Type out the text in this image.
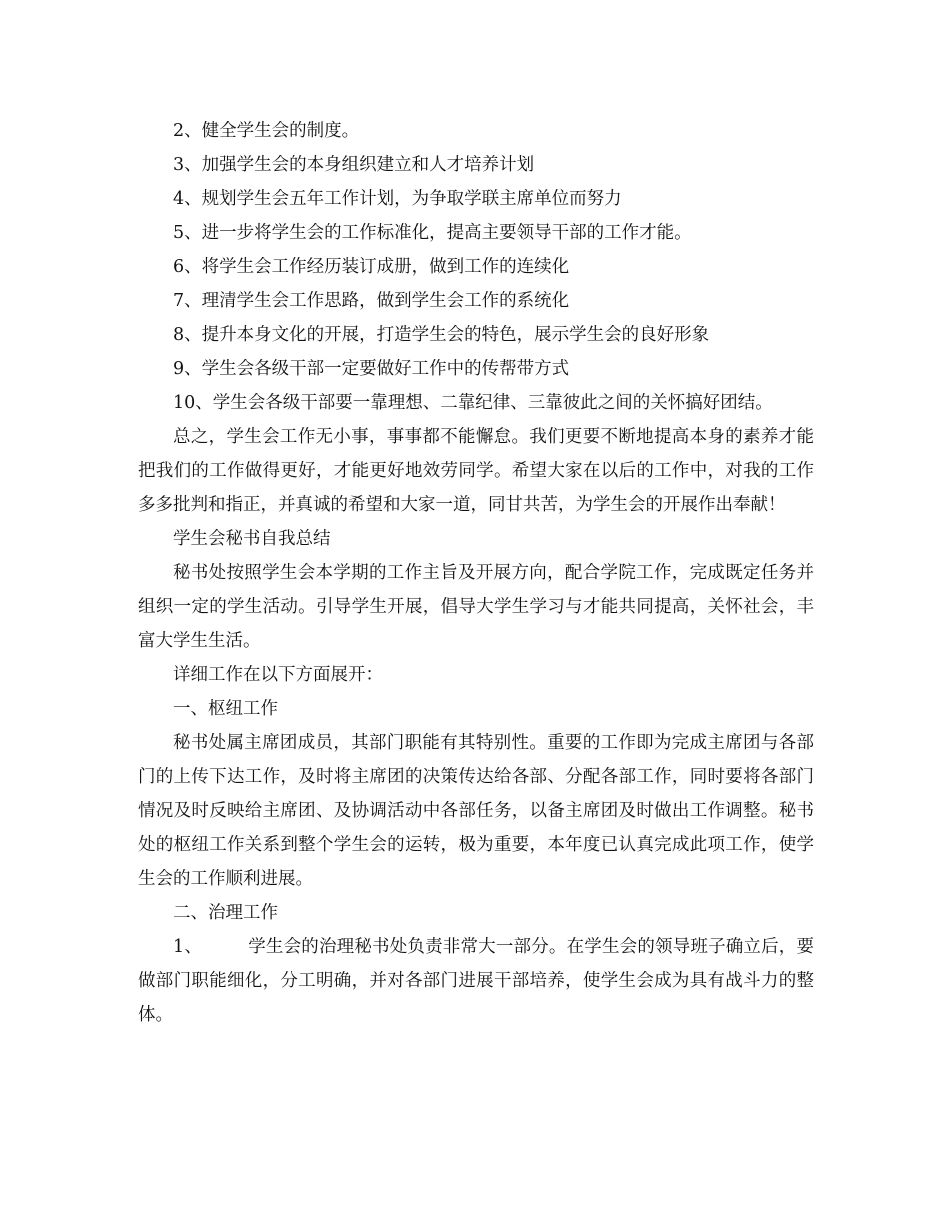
2、健全学生会的制度。
3、加强学生会的本身组织建立和人才培养计划
4、规划学生会五年工作计划，为争取学联主席单位而努力
5、进一步将学生会的工作标准化，提高主要领导干部的工作才能。
6、将学生会工作经历装订成册，做到工作的连续化
7、理清学生会工作思路，做到学生会工作的系统化
8、提升本身文化的开展，打造学生会的特色，展示学生会的良好形象
9、学生会各级干部一定要做好工作中的传帮带方式
10、学生会各级干部要一靠理想、二靠纪律、三靠彼此之间的关怀搞好团结。
总之，学生会工作无小事，事事都不能懈怠。我们更要不断地提高本身的素养才能把我们的工作做得更好，才能更好地效劳同学。希望大家在以后的工作中，对我的工作多多批判和指正，并真诚的希望和大家一道，同甘共苦，为学生会的开展作出奉献！
学生会秘书自我总结
秘书处按照学生会本学期的工作主旨及开展方向，配合学院工作，完成既定任务并组织一定的学生活动。引导学生开展，倡导大学生学习与才能共同提高，关怀社会，丰富大学生生活。
详细工作在以下方面展开：
一、枢纽工作
秘书处属主席团成员，其部门职能有其特别性。重要的工作即为完成主席团与各部门的上传下达工作，及时将主席团的决策传达给各部、分配各部工作，同时要将各部门情况及时反映给主席团、及协调活动中各部任务，以备主席团及时做出工作调整。秘书处的枢纽工作关系到整个学生会的运转，极为重要，本年度已认真完成此项工作，使学生会的工作顺利进展。
二、治理工作
1、	学生会的治理秘书处负责非常大一部分。在学生会的领导班子确立后，要做部门职能细化，分工明确，并对各部门进展干部培养，使学生会成为具有战斗力的整体。
